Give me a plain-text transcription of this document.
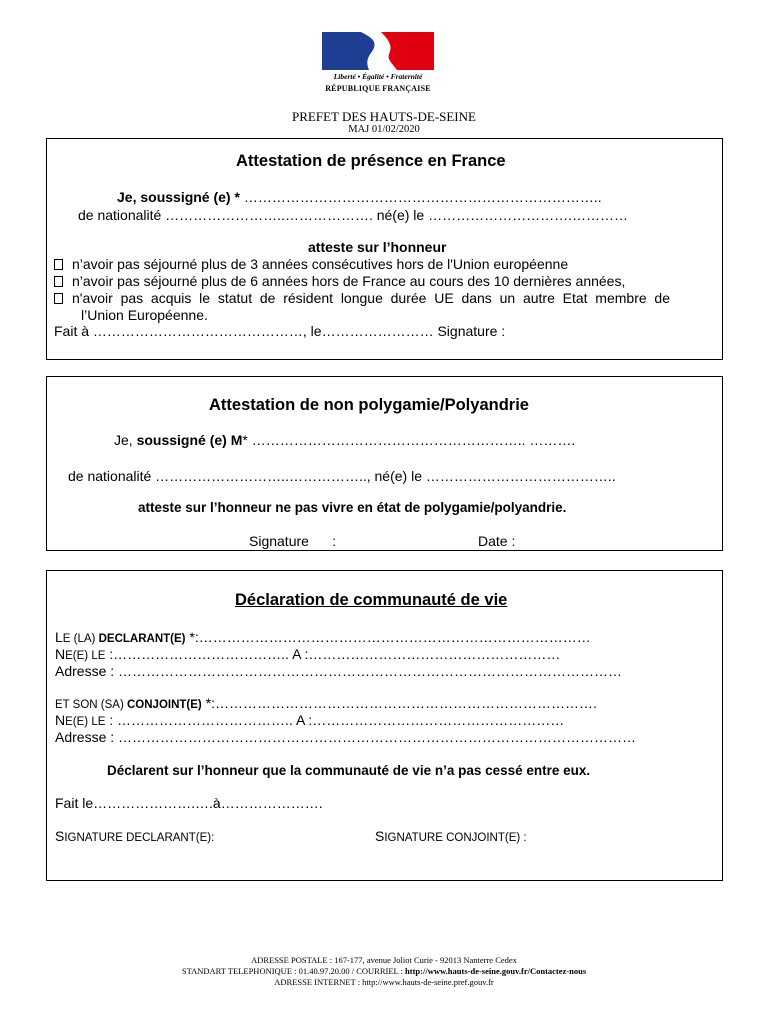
Liberté • Égalité • Fraternité
RÉPUBLIQUE FRANÇAISE
PREFET DES HAUTS-DE-SEINE
MAJ 01/02/2020
Attestation de présence en France
Je, soussigné (e) * …………………………………………………………………..
de nationalité ……………………..………………. né(e) le ………………………….…………
atteste sur l’honneur
n’avoir pas séjourné plus de 3 années consécutives hors de l'Union européenne
n’avoir pas séjourné plus de 6 années hors de France au cours des 10 dernières années,
n'avoir  pas  acquis  le  statut  de  résident  longue  durée  UE  dans  un  autre  Etat  membre  de
l’Union Européenne.
Fait à ………………………………………, le…………………… Signature :
Attestation de non polygamie/Polyandrie
Je, soussigné (e) M* ………………………………………………….. ……….
de nationalité ………………………..…………….., né(e) le …………………………………..
atteste sur l’honneur ne pas vivre en état de polygamie/polyandrie.
Signature      :	Date :
Déclaration de communauté de vie
LE (LA) DECLARANT(E) *:…………………………………………………………………………
NE(E) LE :……………………………….. A :………………………………………………
Adresse : ………………………………………………………………………………………………
ET SON (SA) CONJOINT(E) *:……………………………………………………………………….
NE(E) LE : ……………………………….. A :………………………………………………
Adresse : …………………………………………………………………………………………………
Déclarent sur l’honneur que la communauté de vie n’a pas cessé entre eux.
Fait le………………….….à………………….
SIGNATURE DECLARANT(E):	SIGNATURE CONJOINT(E) :
ADRESSE POSTALE : 167-177, avenue Joliot Curie - 92013 Nanterre Cedex
STANDART TELEPHONIQUE : 01.40.97.20.00 / COURRIEL : http://www.hauts-de-seine.gouv.fr/Contactez-nous
ADRESSE INTERNET : http://www.hauts-de-seine.pref.gouv.fr
